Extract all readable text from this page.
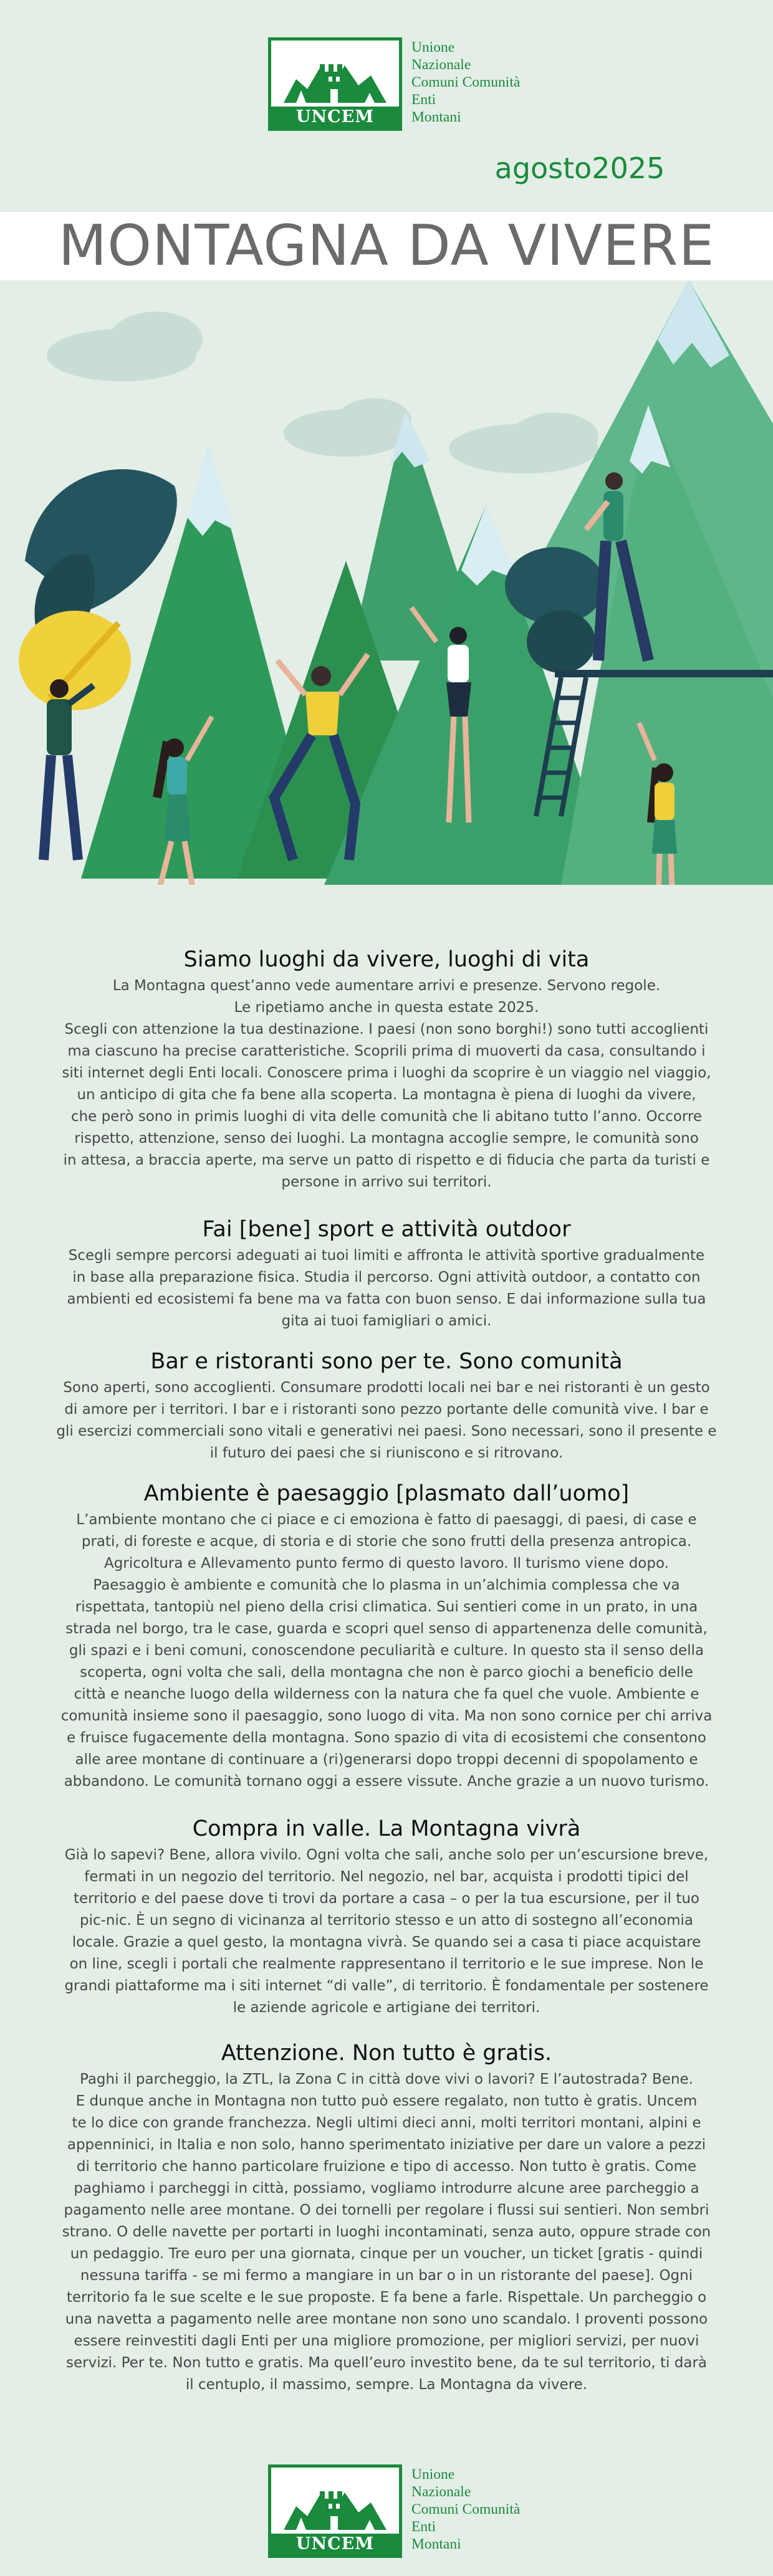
UNCEM
Unione
Nazionale
Comuni Comunità
Enti
Montani
agosto2025
MONTAGNA DA VIVERE
Siamo luoghi da vivere, luoghi di vita
La Montagna quest’anno vede aumentare arrivi e presenze. Servono regole.
Le ripetiamo anche in questa estate 2025.
Scegli con attenzione la tua destinazione. I paesi (non sono borghi!) sono tutti accoglienti
ma ciascuno ha precise caratteristiche. Scoprili prima di muoverti da casa, consultando i
siti internet degli Enti locali. Conoscere prima i luoghi da scoprire è un viaggio nel viaggio,
un anticipo di gita che fa bene alla scoperta. La montagna è piena di luoghi da vivere,
che però sono in primis luoghi di vita delle comunità che li abitano tutto l’anno. Occorre
rispetto, attenzione, senso dei luoghi. La montagna accoglie sempre, le comunità sono
in attesa, a braccia aperte, ma serve un patto di rispetto e di fiducia che parta da turisti e
persone in arrivo sui territori.
Fai [bene] sport e attività outdoor
Scegli sempre percorsi adeguati ai tuoi limiti e affronta le attività sportive gradualmente
in base alla preparazione fisica. Studia il percorso. Ogni attività outdoor, a contatto con
ambienti ed ecosistemi fa bene ma va fatta con buon senso. E dai informazione sulla tua
gita ai tuoi famigliari o amici.
Bar e ristoranti sono per te. Sono comunità
Sono aperti, sono accoglienti. Consumare prodotti locali nei bar e nei ristoranti è un gesto
di amore per i territori. I bar e i ristoranti sono pezzo portante delle comunità vive. I bar e
gli esercizi commerciali sono vitali e generativi nei paesi. Sono necessari, sono il presente e
il futuro dei paesi che si riuniscono e si ritrovano.
Ambiente è paesaggio [plasmato dall’uomo]
L’ambiente montano che ci piace e ci emoziona è fatto di paesaggi, di paesi, di case e
prati, di foreste e acque, di storia e di storie che sono frutti della presenza antropica.
Agricoltura e Allevamento punto fermo di questo lavoro. Il turismo viene dopo.
Paesaggio è ambiente e comunità che lo plasma in un’alchimia complessa che va
rispettata, tantopiù nel pieno della crisi climatica. Sui sentieri come in un prato, in una
strada nel borgo, tra le case, guarda e scopri quel senso di appartenenza delle comunità,
gli spazi e i beni comuni, conoscendone peculiarità e culture. In questo sta il senso della
scoperta, ogni volta che sali, della montagna che non è parco giochi a beneficio delle
città e neanche luogo della wilderness con la natura che fa quel che vuole. Ambiente e
comunità insieme sono il paesaggio, sono luogo di vita. Ma non sono cornice per chi arriva
e fruisce fugacemente della montagna. Sono spazio di vita di ecosistemi che consentono
alle aree montane di continuare a (ri)generarsi dopo troppi decenni di spopolamento e
abbandono. Le comunità tornano oggi a essere vissute. Anche grazie a un nuovo turismo.
Compra in valle. La Montagna vivrà
Già lo sapevi? Bene, allora vivilo. Ogni volta che sali, anche solo per un’escursione breve,
fermati in un negozio del territorio. Nel negozio, nel bar, acquista i prodotti tipici del
territorio e del paese dove ti trovi da portare a casa – o per la tua escursione, per il tuo
pic-nic. È un segno di vicinanza al territorio stesso e un atto di sostegno all’economia
locale. Grazie a quel gesto, la montagna vivrà. Se quando sei a casa ti piace acquistare
on line, scegli i portali che realmente rappresentano il territorio e le sue imprese. Non le
grandi piattaforme ma i siti internet “di valle”, di territorio. È fondamentale per sostenere
le aziende agricole e artigiane dei territori.
Attenzione. Non tutto è gratis.
Paghi il parcheggio, la ZTL, la Zona C in città dove vivi o lavori? E l’autostrada? Bene.
E dunque anche in Montagna non tutto può essere regalato, non tutto è gratis. Uncem
te lo dice con grande franchezza. Negli ultimi dieci anni, molti territori montani, alpini e
appenninici, in Italia e non solo, hanno sperimentato iniziative per dare un valore a pezzi
di territorio che hanno particolare fruizione e tipo di accesso. Non tutto è gratis. Come
paghiamo i parcheggi in città, possiamo, vogliamo introdurre alcune aree parcheggio a
pagamento nelle aree montane. O dei tornelli per regolare i flussi sui sentieri. Non sembri
strano. O delle navette per portarti in luoghi incontaminati, senza auto, oppure strade con
un pedaggio. Tre euro per una giornata, cinque per un voucher, un ticket [gratis - quindi
nessuna tariffa - se mi fermo a mangiare in un bar o in un ristorante del paese]. Ogni
territorio fa le sue scelte e le sue proposte. E fa bene a farle. Rispettale. Un parcheggio o
una navetta a pagamento nelle aree montane non sono uno scandalo. I proventi possono
essere reinvestiti dagli Enti per una migliore promozione, per migliori servizi, per nuovi
servizi. Per te. Non tutto e gratis. Ma quell’euro investito bene, da te sul territorio, ti darà
il centuplo, il massimo, sempre. La Montagna da vivere.
UNCEM
Unione
Nazionale
Comuni Comunità
Enti
Montani
